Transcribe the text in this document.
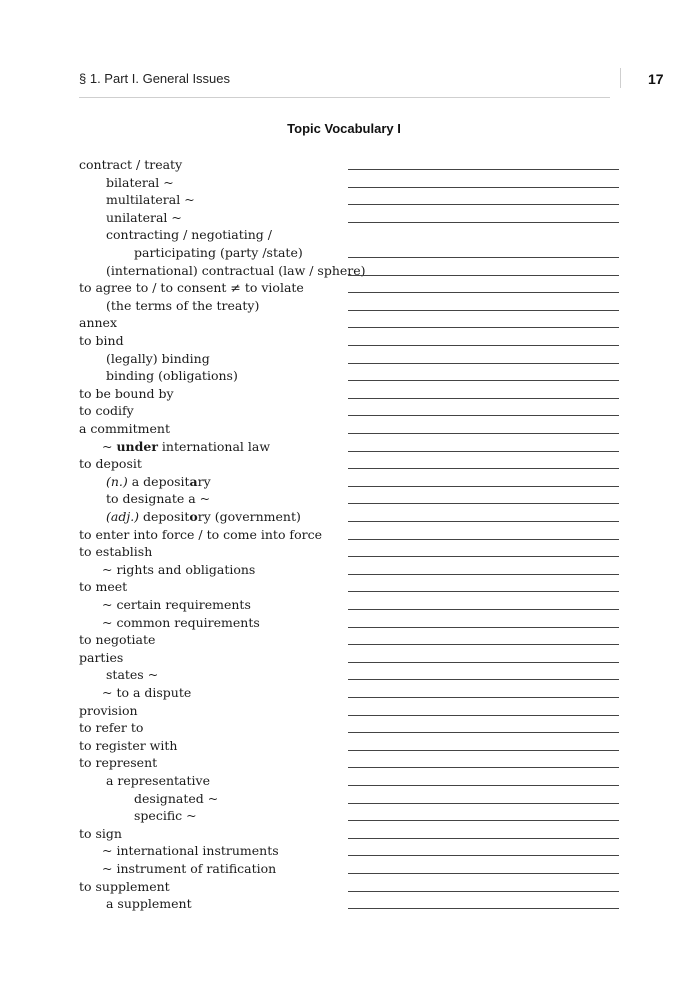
§ 1. Part I. General Issues	17
Topic Vocabulary I
contract / treaty
bilateral ~
multilateral ~
unilateral ~
contracting / negotiating /
participating (party /state)
(international) contractual (law / sphere)
to agree to / to consent ≠ to violate
(the terms of the treaty)
annex
to bind
(legally) binding
binding (obligations)
to be bound by
to codify
a commitment
~ under international law
to deposit
(n.) a depositary
to designate a ~
(adj.) depository (government)
to enter into force / to come into force
to establish
~ rights and obligations
to meet
~ certain requirements
~ common requirements
to negotiate
parties
states ~
~ to a dispute
provision
to refer to
to register with
to represent
a representative
designated ~
specific ~
to sign
~ international instruments
~ instrument of ratification
to supplement
a supplement
